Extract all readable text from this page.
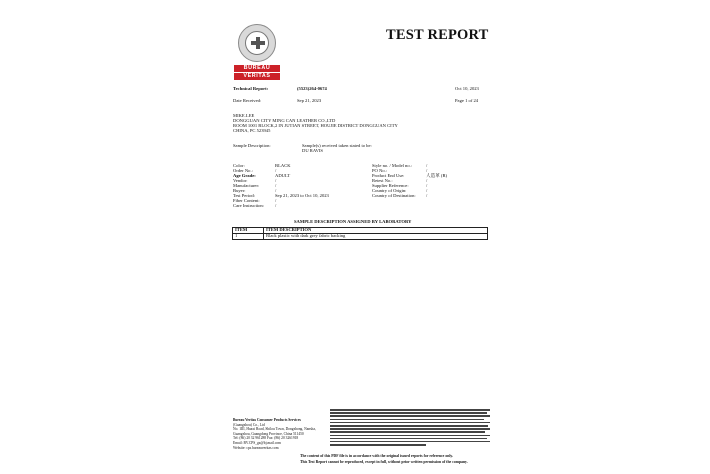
BUREAU
VERITAS
TEST REPORT
Technical Report:	(5523)264-0674	Oct 10, 2023
Date Received:	Sep 21, 2023	Page 1 of 24
MIKE.LEE
DONGGUAN CITY MING CAN LEATHER CO.,LTD
ROOM 1001 BLOCK,2 IN JUTIAN STREET, HOUJIE DISTRICT DONGGUAN CITY
CHINA, PC 523945
Sample Description:	Sample(s) received taken stated to be:
DU RAVIS
Color:	BLACK
Order No.:	/
Age Grade:	ADULT
Vendor:	/
Manufacturer:	/
Buyer:	/
Test Period:	Sep 21, 2023 to Oct 10, 2023
Fiber Content:	/
Care Instruction: /
Style no. / Model no.:	/
PO No.:	/
Product End Use:	人造革 (R)
Retest No.:	/
Supplier Reference:	/
Country of Origin:	/
Country of Destination: /
SAMPLE DESCRIPTION ASSIGNED BY LABORATORY
ITEM	ITEM DESCRIPTION
1	Black plastic with dark grey fabric backing
Bureau Veritas Consumer Products Services
(Guangzhou) Co., Ltd
No. 1III, Huaxi Road, Shilou Town, Dongzhong, Nansha,
Guangzhou, Guangdong Province, China 511450
Tel: (86) 20 32 961288 Fax: (86) 20 3261918
Email: BV.CPS_gz@bj.mail.com
Website: cps.bureauveritas.com
The content of this PDF file is in accordance with the original issued reports for reference only.
This Test Report cannot be reproduced, except in full, without prior written permission of the company.
